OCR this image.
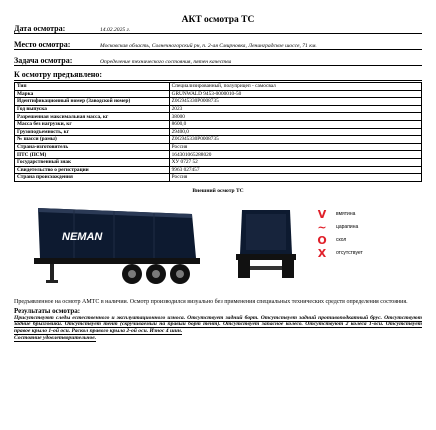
АКТ осмотра ТС
Дата осмотра:	14.02.2025 г.
Место осмотра:	Московская область, Солнечногорский рн, п. 2-ая Смирновка, Ленинградское шоссе, 71 км.
Задача осмотра:	Определение технического состояния, пятен качества
К осмотру предъявлено:
Тип	Специализированный, полуприцеп - самосвал
Марка	GRUNWALD 9453-0000010-50
Идентификационный номер (Заводской номер)	Z0G945330P0008735
Год выпуска	2023
Разрешенная максимальная масса, кг	38000
Масса без нагрузки, кг	8600,0
Грузоподъемность, кг	29400,0
№ шасси (рамы)	Z0G945330P0008735
Страна-изготовитель	Россия
ПТС (ПСМ)	164301065288020
Государственный знак	ХУ 0727 52
Свидетельство о регистрации	9963 027457
Страна происхождения	Россия
Внешний осмотр ТС
NEMAN
V	вмятина
~	царапина
O	скол
X	отсутствует
Предъявленное на осмотр АМТС в наличии. Осмотр производился визуально без применения специальных технических средств определения состояния.
Результаты осмотра:
Присутствуют следы естественного и эксплуатационного износа. Отсутствует задний борт. Отсутствует задний противоподкатный брус. Отсутствуют задние брызговики. Отсутствует тент (скручиваемый на правый борт тент). Отсутствует запасное колесо. Отсутствуют 2 колеса 1-оси. Отсутствует правое крыло 1-ой оси. Раскол правого крыла 2-ой оси. Износ 4 шин.
Состояние удовлетворительное.
